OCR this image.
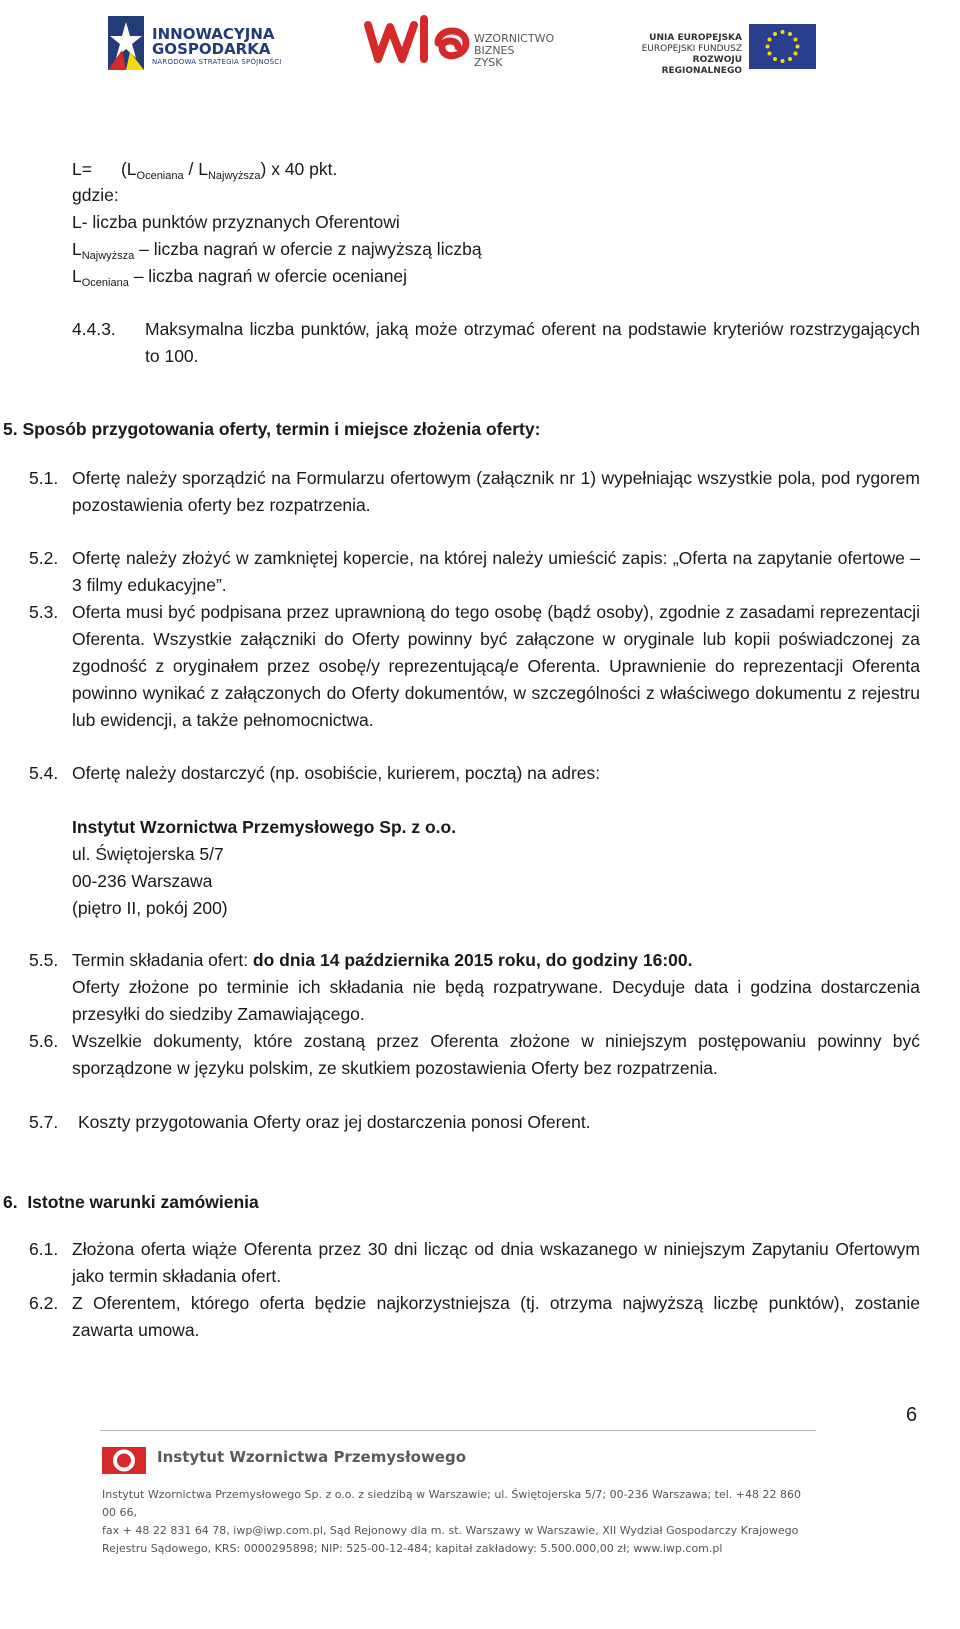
INNOWACYJNA
GOSPODARKA
NARODOWA STRATEGIA SPÓJNOŚCI
WZORNICTWO
BIZNES
ZYSK
UNIA EUROPEJSKA
EUROPEJSKI FUNDUSZ
ROZWOJU REGIONALNEGO
$L= (L_{Oceniana} / L_{Najwyższa})$ x 40 pkt.
gdzie:
L- liczba punktów przyznanych Oferentowi
$L_{Najwyższa}$ – liczba nagrań w ofercie z najwyższą liczbą
$L_{Oceniana}$ – liczba nagrań w ofercie ocenianej
4.4.3. Maksymalna liczba punktów, jaką może otrzymać oferent na podstawie kryteriów rozstrzygających to 100.
5. Sposób przygotowania oferty, termin i miejsce złożenia oferty:
5.1. Ofertę należy sporządzić na Formularzu ofertowym (załącznik nr 1) wypełniając wszystkie pola, pod rygorem pozostawienia oferty bez rozpatrzenia.
5.2. Ofertę należy złożyć w zamkniętej kopercie, na której należy umieścić zapis: „Oferta na zapytanie ofertowe – 3 filmy edukacyjne”.
5.3. Oferta musi być podpisana przez uprawnioną do tego osobę (bądź osoby), zgodnie z zasadami reprezentacji Oferenta. Wszystkie załączniki do Oferty powinny być załączone w oryginale lub kopii poświadczonej za zgodność z oryginałem przez osobę/y reprezentującą/e Oferenta. Uprawnienie do reprezentacji Oferenta powinno wynikać z załączonych do Oferty dokumentów, w szczególności z właściwego dokumentu z rejestru lub ewidencji, a także pełnomocnictwa.
5.4. Ofertę należy dostarczyć (np. osobiście, kurierem, pocztą) na adres:
Instytut Wzornictwa Przemysłowego Sp. z o.o.
ul. Świętojerska 5/7
00-236 Warszawa
(piętro II, pokój 200)
5.5. Termin składania ofert: do dnia 14 października 2015 roku, do godziny 16:00.
Oferty złożone po terminie ich składania nie będą rozpatrywane. Decyduje data i godzina dostarczenia przesyłki do siedziby Zamawiającego.
5.6. Wszelkie dokumenty, które zostaną przez Oferenta złożone w niniejszym postępowaniu powinny być sporządzone w języku polskim, ze skutkiem pozostawienia Oferty bez rozpatrzenia.
5.7. Koszty przygotowania Oferty oraz jej dostarczenia ponosi Oferent.
6.  Istotne warunki zamówienia
6.1. Złożona oferta wiąże Oferenta przez 30 dni licząc od dnia wskazanego w niniejszym Zapytaniu Ofertowym jako termin składania ofert.
6.2. Z Oferentem, którego oferta będzie najkorzystniejsza (tj. otrzyma najwyższą liczbę punktów), zostanie zawarta umowa.
6
Instytut Wzornictwa Przemysłowego
Instytut Wzornictwa Przemysłowego Sp. z o.o. z siedzibą w Warszawie; ul. Świętojerska 5/7; 00-236 Warszawa; tel. +48 22 860 00 66,
fax + 48 22 831 64 78, iwp@iwp.com.pl, Sąd Rejonowy dla m. st. Warszawy w Warszawie, XII Wydział Gospodarczy Krajowego
Rejestru Sądowego, KRS: 0000295898; NIP: 525-00-12-484; kapitał zakładowy: 5.500.000,00 zł; www.iwp.com.pl
